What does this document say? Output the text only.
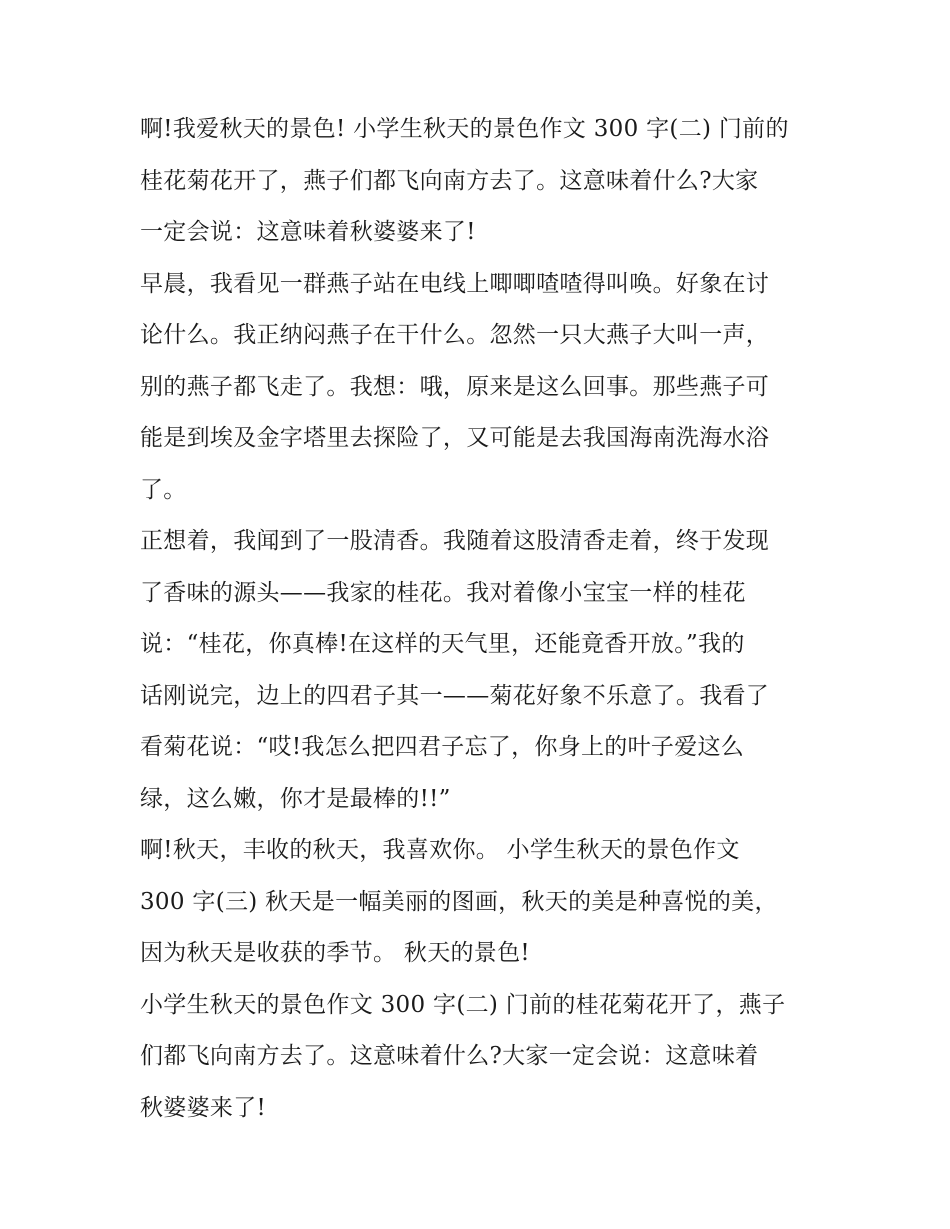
啊!我爱秋天的景色! 小学生秋天的景色作文 300 字(二) 门前的
桂花菊花开了，燕子们都飞向南方去了。这意味着什么?大家
一定会说：这意味着秋婆婆来了!
早晨，我看见一群燕子站在电线上唧唧喳喳得叫唤。好象在讨
论什么。我正纳闷燕子在干什么。忽然一只大燕子大叫一声，
别的燕子都飞走了。我想：哦，原来是这么回事。那些燕子可
能是到埃及金字塔里去探险了，又可能是去我国海南洗海水浴
了。
正想着，我闻到了一股清香。我随着这股清香走着，终于发现
了香味的源头——我家的桂花。我对着像小宝宝一样的桂花
说：“桂花，你真棒!在这样的天气里，还能竟香开放。”我的
话刚说完，边上的四君子其一——菊花好象不乐意了。我看了
看菊花说：“哎!我怎么把四君子忘了，你身上的叶子爱这么
绿，这么嫩，你才是最棒的!!”
啊!秋天，丰收的秋天，我喜欢你。 小学生秋天的景色作文
300 字(三) 秋天是一幅美丽的图画，秋天的美是种喜悦的美，
因为秋天是收获的季节。 秋天的景色!
小学生秋天的景色作文 300 字(二) 门前的桂花菊花开了，燕子
们都飞向南方去了。这意味着什么?大家一定会说：这意味着
秋婆婆来了!
